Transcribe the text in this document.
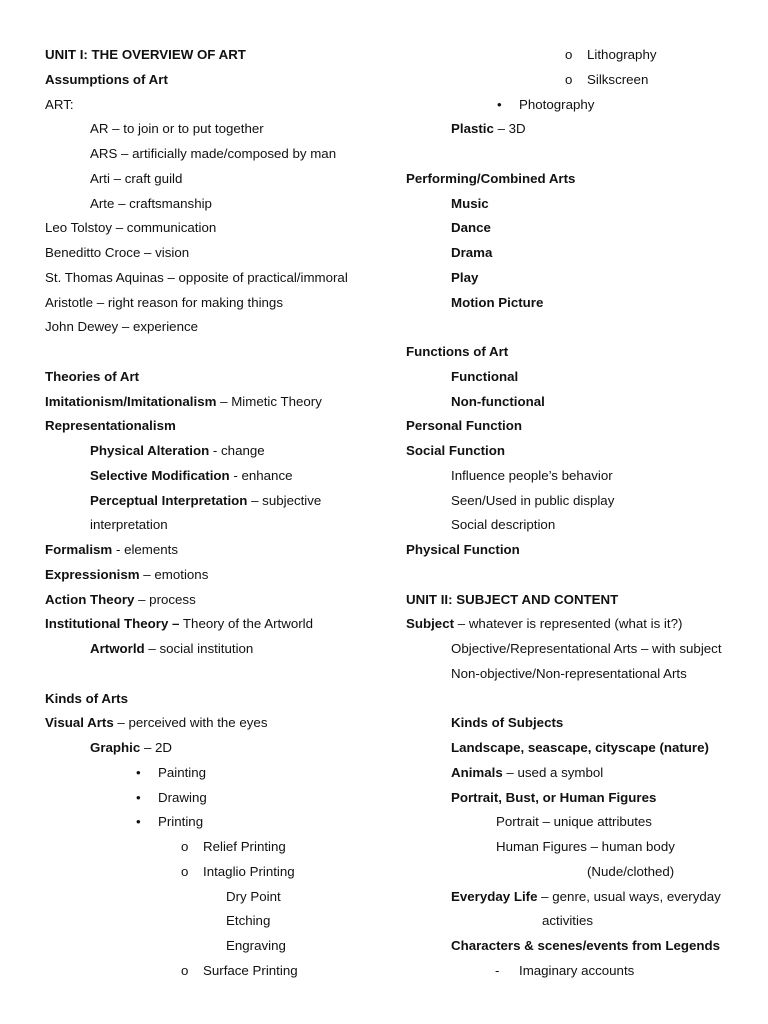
UNIT I: THE OVERVIEW OF ART
Assumptions of Art
ART:
AR – to join or to put together
ARS – artificially made/composed by man
Arti – craft guild
Arte – craftsmanship
Leo Tolstoy – communication
Beneditto Croce – vision
St. Thomas Aquinas – opposite of practical/immoral
Aristotle – right reason for making things
John Dewey – experience
Theories of Art
Imitationism/Imitationalism – Mimetic Theory
Representationalism
Physical Alteration - change
Selective Modification - enhance
Perceptual Interpretation – subjective
interpretation
Formalism - elements
Expressionism – emotions
Action Theory – process
Institutional Theory – Theory of the Artworld
Artworld – social institution
Kinds of Arts
Visual Arts – perceived with the eyes
Graphic – 2D
• Painting
• Drawing
• Printing
o Relief Printing
o Intaglio Printing
Dry Point
Etching
Engraving
o Surface Printing
o Lithography
o Silkscreen
• Photography
Plastic – 3D
Performing/Combined Arts
Music
Dance
Drama
Play
Motion Picture
Functions of Art
Functional
Non-functional
Personal Function
Social Function
Influence people’s behavior
Seen/Used in public display
Social description
Physical Function
UNIT II: SUBJECT AND CONTENT
Subject – whatever is represented (what is it?)
Objective/Representational Arts – with subject
Non-objective/Non-representational Arts
Kinds of Subjects
Landscape, seascape, cityscape (nature)
Animals – used a symbol
Portrait, Bust, or Human Figures
Portrait – unique attributes
Human Figures – human body
(Nude/clothed)
Everyday Life – genre, usual ways, everyday
activities
Characters & scenes/events from Legends
- Imaginary accounts
